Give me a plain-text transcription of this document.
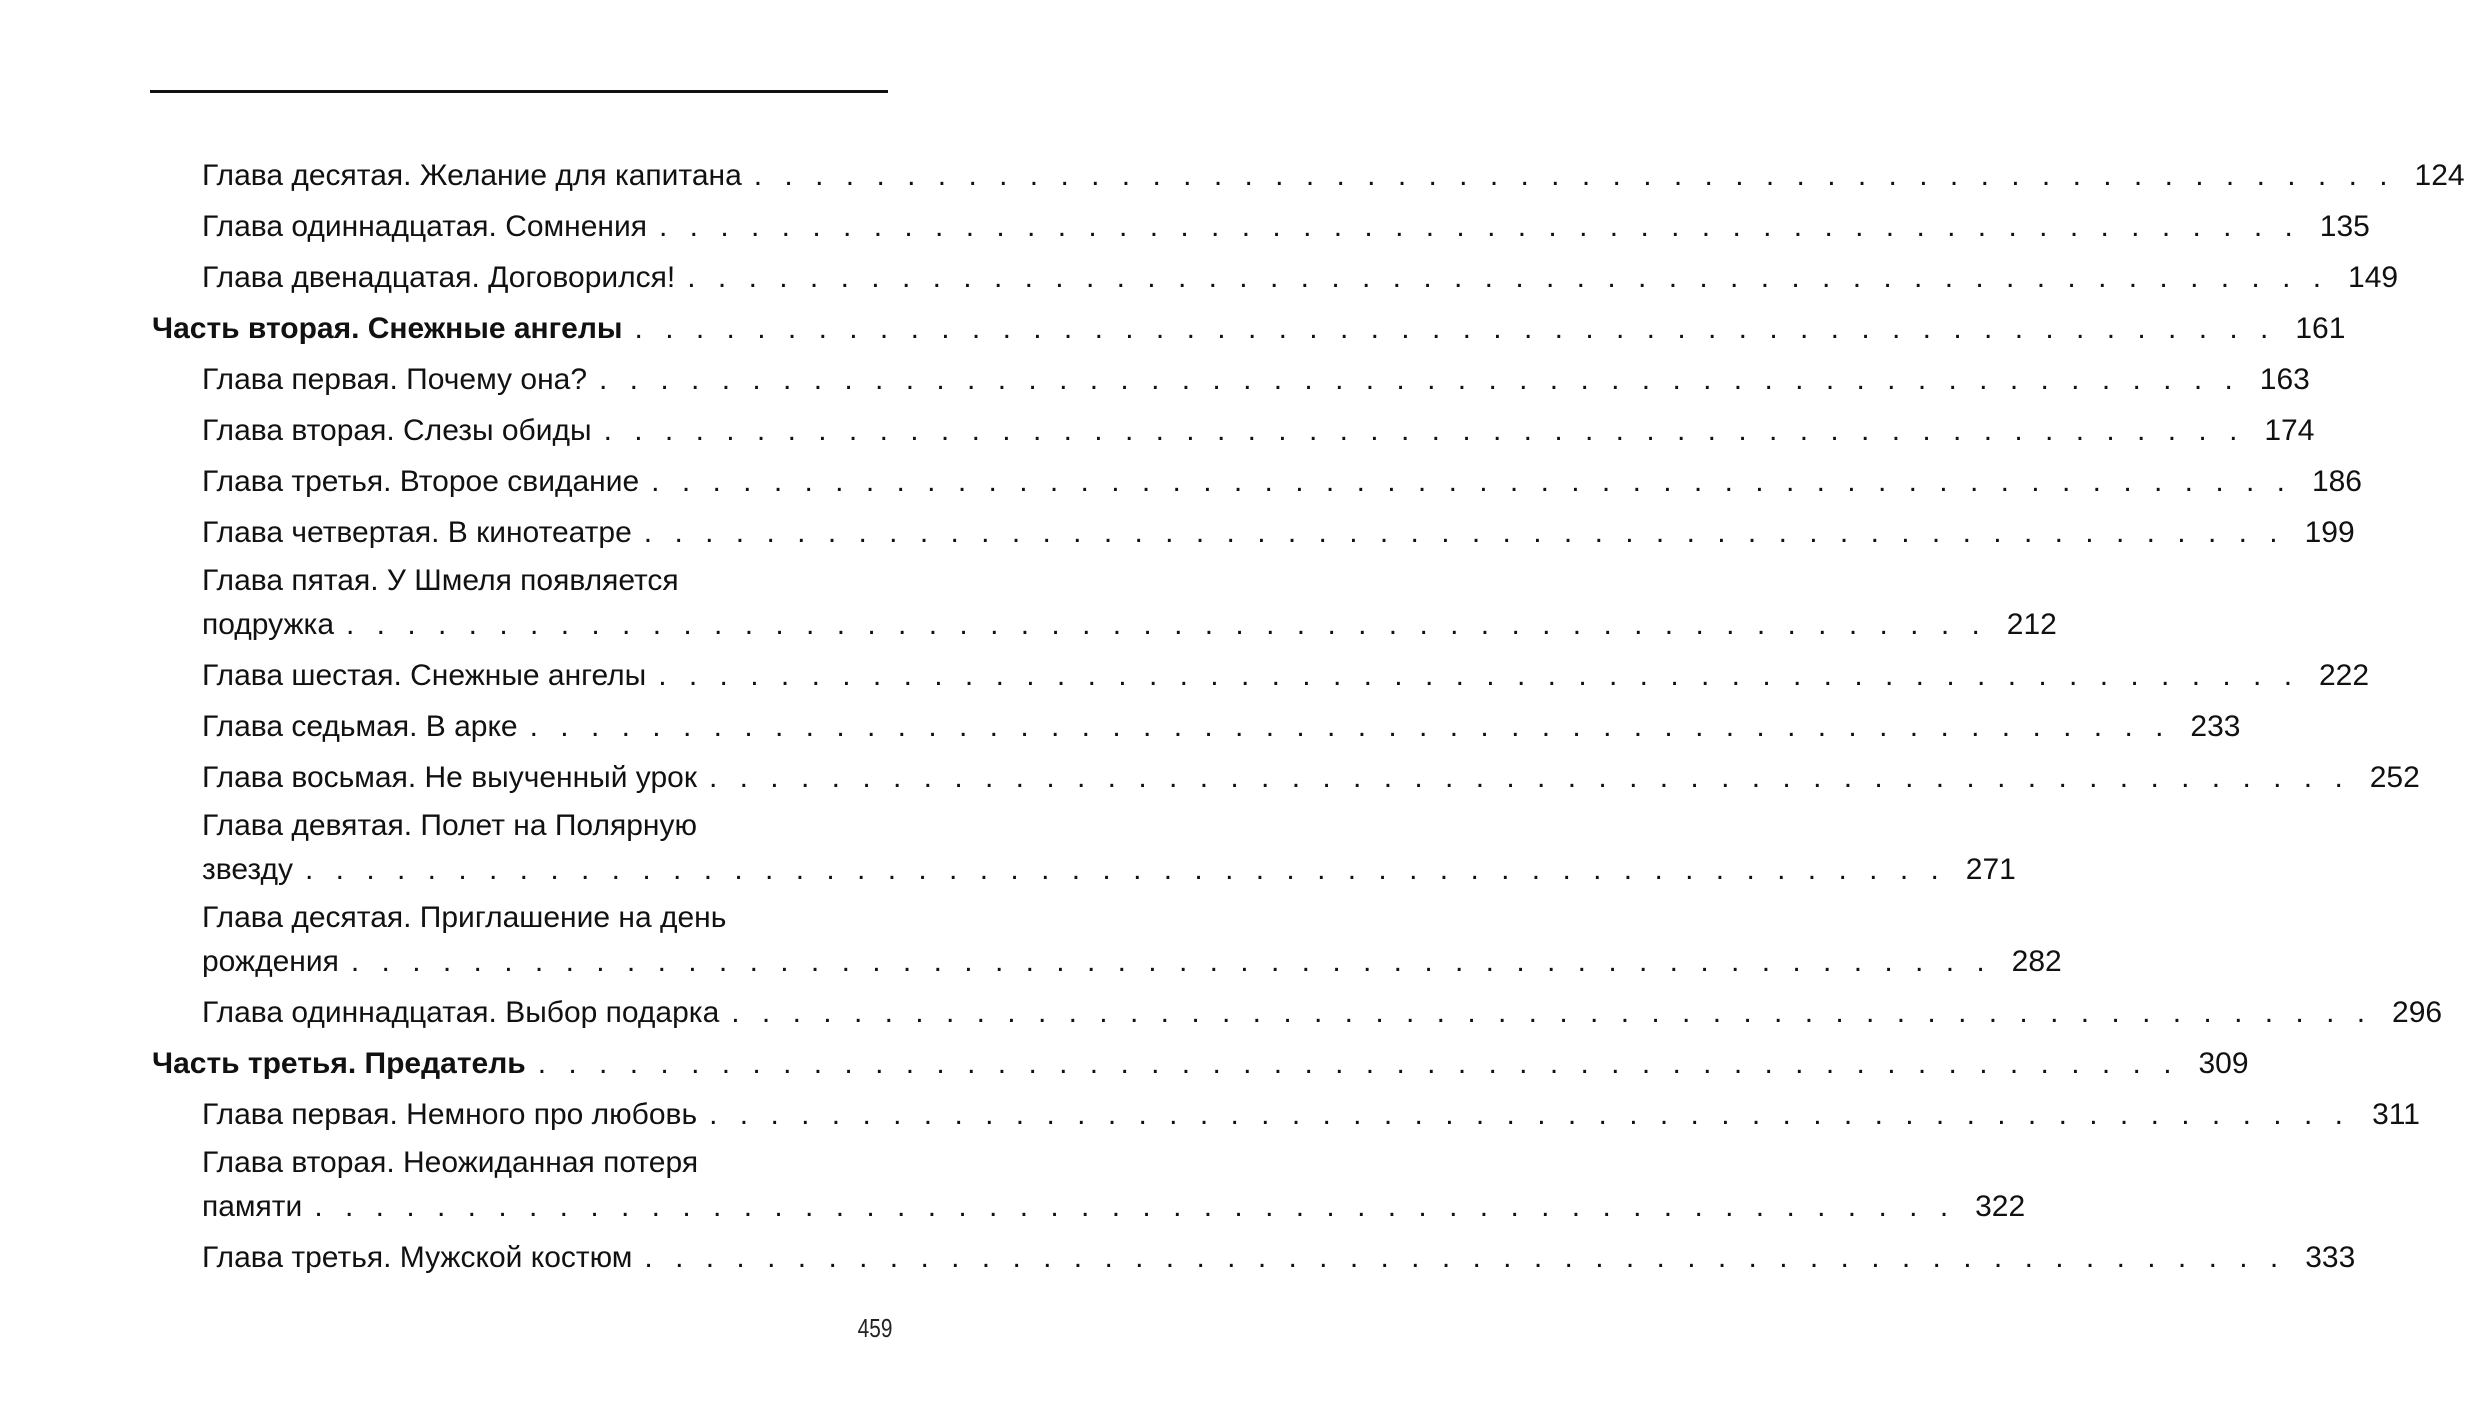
Глава десятая. Желание для капитана . . . . . . . . . . . . . . . . . . . . . . . . . . . . . . . . . . . . . . . . . . . . . . . . . . . . . . 124
Глава одиннадцатая. Сомнения . . . . . . . . . . . . . . . . . . . . . . . . . . . . . . . . . . . . . . . . . . . . . . . . . . . . . . 135
Глава двенадцатая. Договорился! . . . . . . . . . . . . . . . . . . . . . . . . . . . . . . . . . . . . . . . . . . . . . . . . . . . . . . 149
Часть вторая. Снежные ангелы . . . . . . . . . . . . . . . . . . . . . . . . . . . . . . . . . . . . . . . . . . . . . . . . . . . . . . 161
Глава первая. Почему она? . . . . . . . . . . . . . . . . . . . . . . . . . . . . . . . . . . . . . . . . . . . . . . . . . . . . . . 163
Глава вторая. Слезы обиды . . . . . . . . . . . . . . . . . . . . . . . . . . . . . . . . . . . . . . . . . . . . . . . . . . . . . . 174
Глава третья. Второе свидание . . . . . . . . . . . . . . . . . . . . . . . . . . . . . . . . . . . . . . . . . . . . . . . . . . . . . . 186
Глава четвертая. В кинотеатре . . . . . . . . . . . . . . . . . . . . . . . . . . . . . . . . . . . . . . . . . . . . . . . . . . . . . . 199
Глава пятая. У Шмеля появляется
подружка . . . . . . . . . . . . . . . . . . . . . . . . . . . . . . . . . . . . . . . . . . . . . . . . . . . . . . 212
Глава шестая. Снежные ангелы . . . . . . . . . . . . . . . . . . . . . . . . . . . . . . . . . . . . . . . . . . . . . . . . . . . . . . 222
Глава седьмая. В арке . . . . . . . . . . . . . . . . . . . . . . . . . . . . . . . . . . . . . . . . . . . . . . . . . . . . . . 233
Глава восьмая. Не выученный урок . . . . . . . . . . . . . . . . . . . . . . . . . . . . . . . . . . . . . . . . . . . . . . . . . . . . . . 252
Глава девятая. Полет на Полярную
звезду . . . . . . . . . . . . . . . . . . . . . . . . . . . . . . . . . . . . . . . . . . . . . . . . . . . . . . 271
Глава десятая. Приглашение на день
рождения . . . . . . . . . . . . . . . . . . . . . . . . . . . . . . . . . . . . . . . . . . . . . . . . . . . . . . 282
Глава одиннадцатая. Выбор подарка . . . . . . . . . . . . . . . . . . . . . . . . . . . . . . . . . . . . . . . . . . . . . . . . . . . . . . 296
Часть третья. Предатель . . . . . . . . . . . . . . . . . . . . . . . . . . . . . . . . . . . . . . . . . . . . . . . . . . . . . . 309
Глава первая. Немного про любовь . . . . . . . . . . . . . . . . . . . . . . . . . . . . . . . . . . . . . . . . . . . . . . . . . . . . . . 311
Глава вторая. Неожиданная потеря
памяти . . . . . . . . . . . . . . . . . . . . . . . . . . . . . . . . . . . . . . . . . . . . . . . . . . . . . . 322
Глава третья. Мужской костюм . . . . . . . . . . . . . . . . . . . . . . . . . . . . . . . . . . . . . . . . . . . . . . . . . . . . . . 333
459
